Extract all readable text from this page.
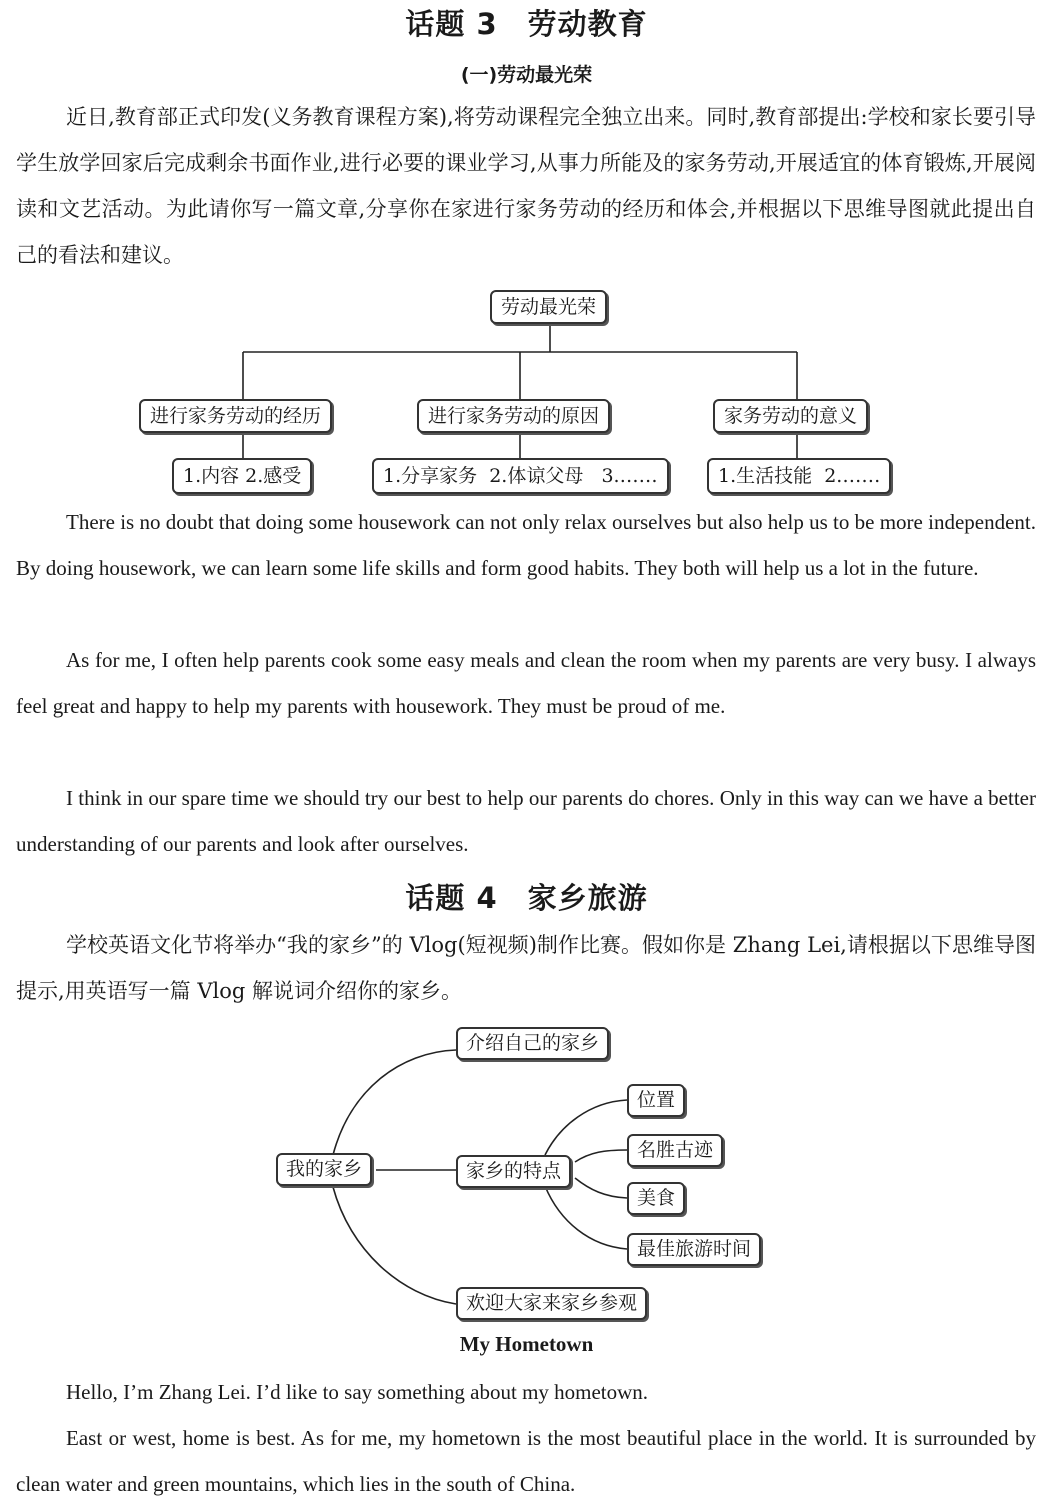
话题 3 劳动教育
(一)劳动最光荣

近日,教育部正式印发(义务教育课程方案),将劳动课程完全独立出来。同时,教育部提出:学校和家长要引导学生放学回家后完成剩余书面作业,进行必要的课业学习,从事力所能及的家务劳动,开展适宜的体育锻炼,开展阅读和文艺活动。为此请你写一篇文章,分享你在家进行家务劳动的经历和体会,并根据以下思维导图就此提出自己的看法和建议。

劳动最光荣
进行家务劳动的经历	进行家务劳动的原因	家务劳动的意义
1.内容 2.感受	1.分享家务  2.体谅父母   3.……	1.生活技能  2.……

There is no doubt that doing some housework can not only relax ourselves but also help us to be more independent. By doing housework, we can learn some life skills and form good habits. They both will help us a lot in the future.

As for me, I often help parents cook some easy meals and clean the room when my parents are very busy. I always feel great and happy to help my parents with housework. They must be proud of me.

I think in our spare time we should try our best to help our parents do chores. Only in this way can we have a better understanding of our parents and look after ourselves.

话题 4 家乡旅游

学校英语文化节将举办“我的家乡”的 Vlog(短视频)制作比赛。假如你是 Zhang Lei,请根据以下思维导图提示,用英语写一篇 Vlog 解说词介绍你的家乡。

我的家乡
介绍自己的家乡
家乡的特点
欢迎大家来家乡参观
位置
名胜古迹
美食
最佳旅游时间
My Hometown

Hello, I’m Zhang Lei. I’d like to say something about my hometown.

East or west, home is best. As for me, my hometown is the most beautiful place in the world. It is surrounded by clean water and green mountains, which lies in the south of China.
